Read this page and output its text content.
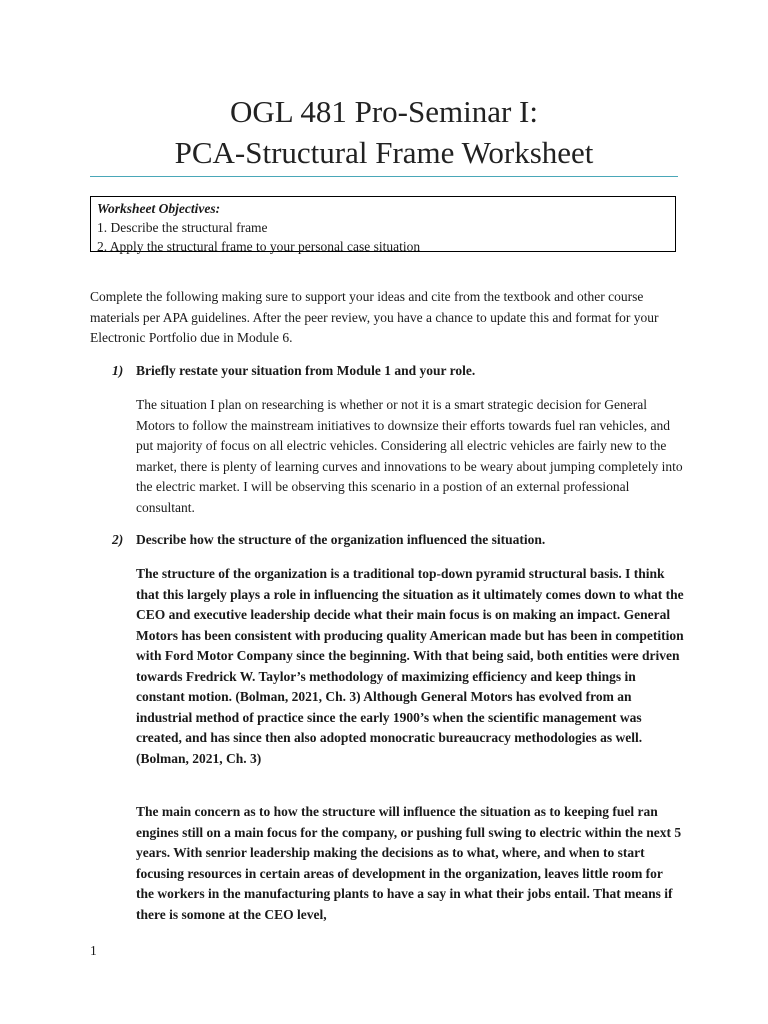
OGL 481 Pro-Seminar I:
PCA-Structural Frame Worksheet
Worksheet Objectives:
1. Describe the structural frame
2. Apply the structural frame to your personal case situation
Complete the following making sure to support your ideas and cite from the textbook and other course materials per APA guidelines. After the peer review, you have a chance to update this and format for your Electronic Portfolio due in Module 6.
1) Briefly restate your situation from Module 1 and your role.

The situation I plan on researching is whether or not it is a smart strategic decision for General Motors to follow the mainstream initiatives to downsize their efforts towards fuel ran vehicles, and put majority of focus on all electric vehicles. Considering all electric vehicles are fairly new to the market, there is plenty of learning curves and innovations to be weary about jumping completely into the electric market. I will be observing this scenario in a postion of an external professional consultant.

2) Describe how the structure of the organization influenced the situation.

The structure of the organization is a traditional top-down pyramid structural basis. I think that this largely plays a role in influencing the situation as it ultimately comes down to what the CEO and executive leadership decide what their main focus is on making an impact. General Motors has been consistent with producing quality American made but has been in competition with Ford Motor Company since the beginning. With that being said, both entities were driven towards Fredrick W. Taylor’s methodology of maximizing efficiency and keep things in constant motion. (Bolman, 2021, Ch. 3) Although General Motors has evolved from an industrial method of practice since the early 1900’s when the scientific management was created, and has since then also adopted monocratic bureaucracy methodologies as well. (Bolman, 2021, Ch. 3)

The main concern as to how the structure will influence the situation as to keeping fuel ran engines still on a main focus for the company, or pushing full swing to electric within the next 5 years. With senrior leadership making the decisions as to what, where, and when to start focusing resources in certain areas of development in the organization, leaves little room for the workers in the manufacturing plants to have a say in what their jobs entail. That means if there is somone at the CEO level,

1
